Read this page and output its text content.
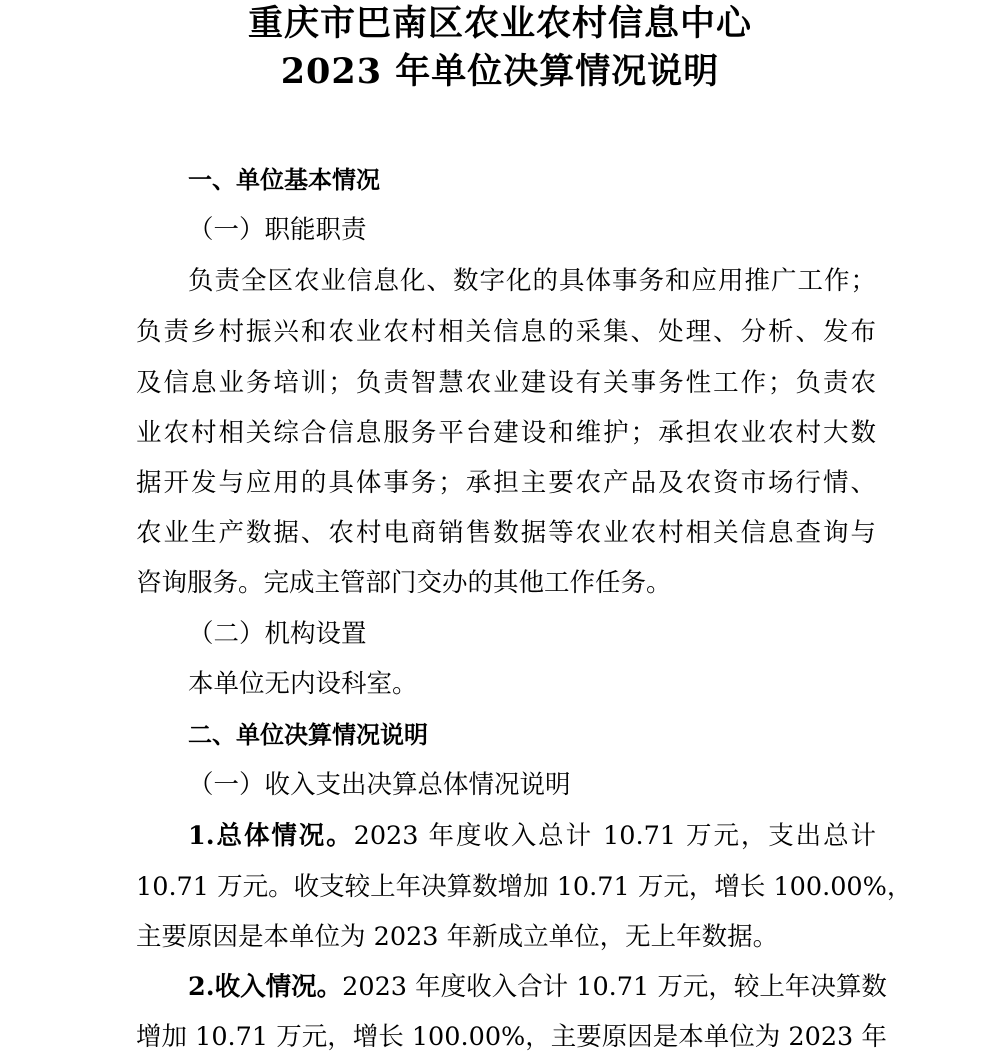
重庆市巴南区农业农村信息中心
2023 年单位决算情况说明
一、单位基本情况
（一）职能职责
负责全区农业信息化、数字化的具体事务和应用推广工作；
负责乡村振兴和农业农村相关信息的采集、处理、分析、发布
及信息业务培训；负责智慧农业建设有关事务性工作；负责农
业农村相关综合信息服务平台建设和维护；承担农业农村大数
据开发与应用的具体事务；承担主要农产品及农资市场行情、
农业生产数据、农村电商销售数据等农业农村相关信息查询与
咨询服务。完成主管部门交办的其他工作任务。
（二）机构设置
本单位无内设科室。
二、单位决算情况说明
（一）收入支出决算总体情况说明
1.总体情况。2023 年度收入总计 10.71 万元，支出总计
10.71 万元。收支较上年决算数增加 10.71 万元，增长 100.00%，
主要原因是本单位为 2023 年新成立单位，无上年数据。
2.收入情况。2023 年度收入合计 10.71 万元，较上年决算数
增加 10.71 万元，增长 100.00%，主要原因是本单位为 2023 年
